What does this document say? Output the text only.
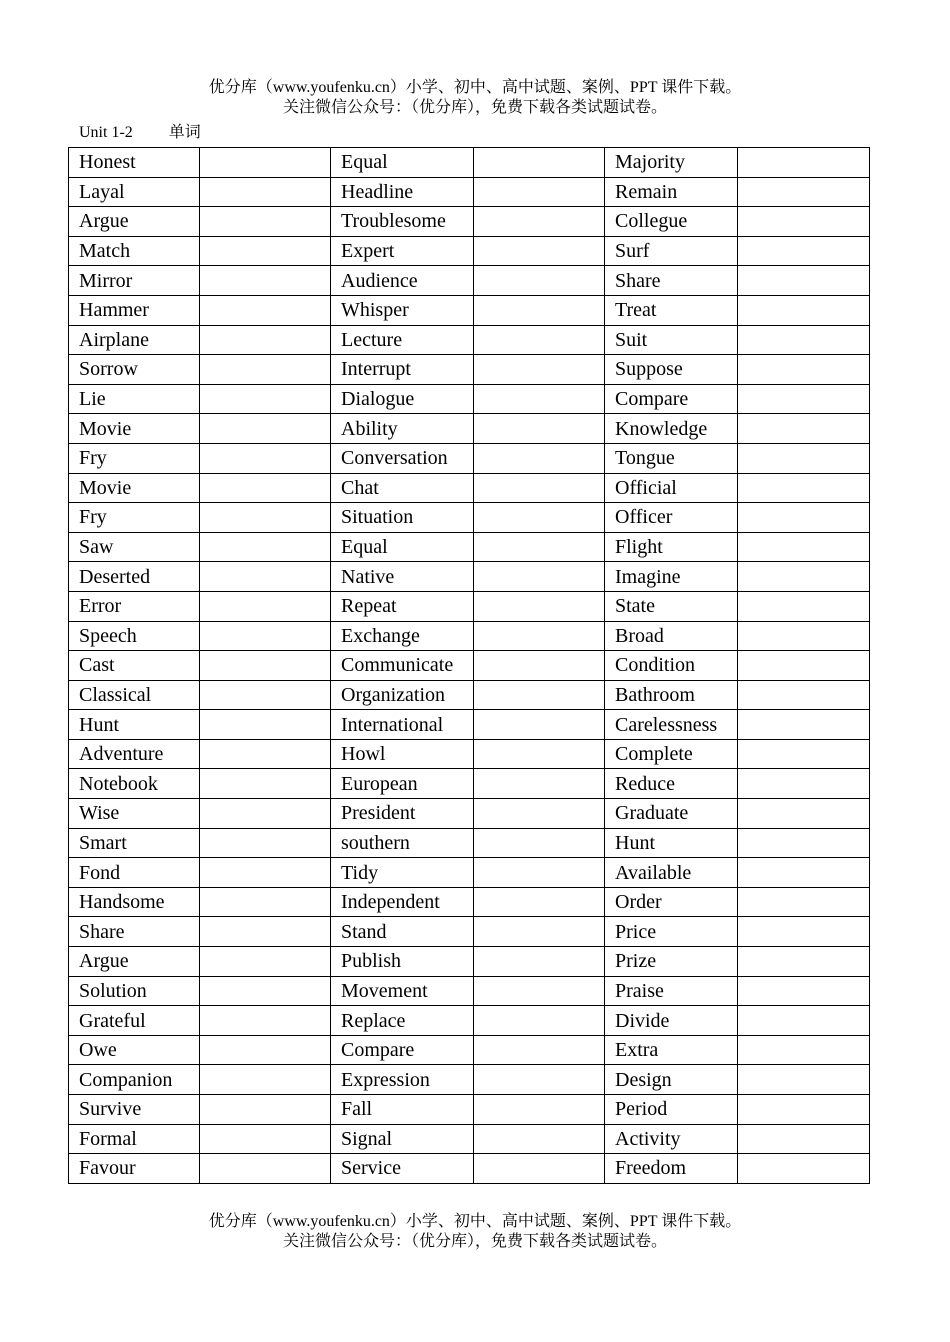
优分库（www.youfenku.cn）小学、初中、高中试题、案例、PPT 课件下载。
关注微信公众号：（优分库），免费下载各类试题试卷。
Unit 1-2 单词
Honest		Equal		Majority	
Layal		Headline		Remain	
Argue		Troublesome		Collegue	
Match		Expert		Surf	
Mirror		Audience		Share	
Hammer		Whisper		Treat	
Airplane		Lecture		Suit	
Sorrow		Interrupt		Suppose	
Lie		Dialogue		Compare	
Movie		Ability		Knowledge	
Fry		Conversation		Tongue	
Movie		Chat		Official	
Fry		Situation		Officer	
Saw		Equal		Flight	
Deserted		Native		Imagine	
Error		Repeat		State	
Speech		Exchange		Broad	
Cast		Communicate		Condition	
Classical		Organization		Bathroom	
Hunt		International		Carelessness	
Adventure		Howl		Complete	
Notebook		European		Reduce	
Wise		President		Graduate	
Smart		southern		Hunt	
Fond		Tidy		Available	
Handsome		Independent		Order	
Share		Stand		Price	
Argue		Publish		Prize	
Solution		Movement		Praise	
Grateful		Replace		Divide	
Owe		Compare		Extra	
Companion		Expression		Design	
Survive		Fall		Period	
Formal		Signal		Activity	
Favour		Service		Freedom	
优分库（www.youfenku.cn）小学、初中、高中试题、案例、PPT 课件下载。
关注微信公众号：（优分库），免费下载各类试题试卷。
